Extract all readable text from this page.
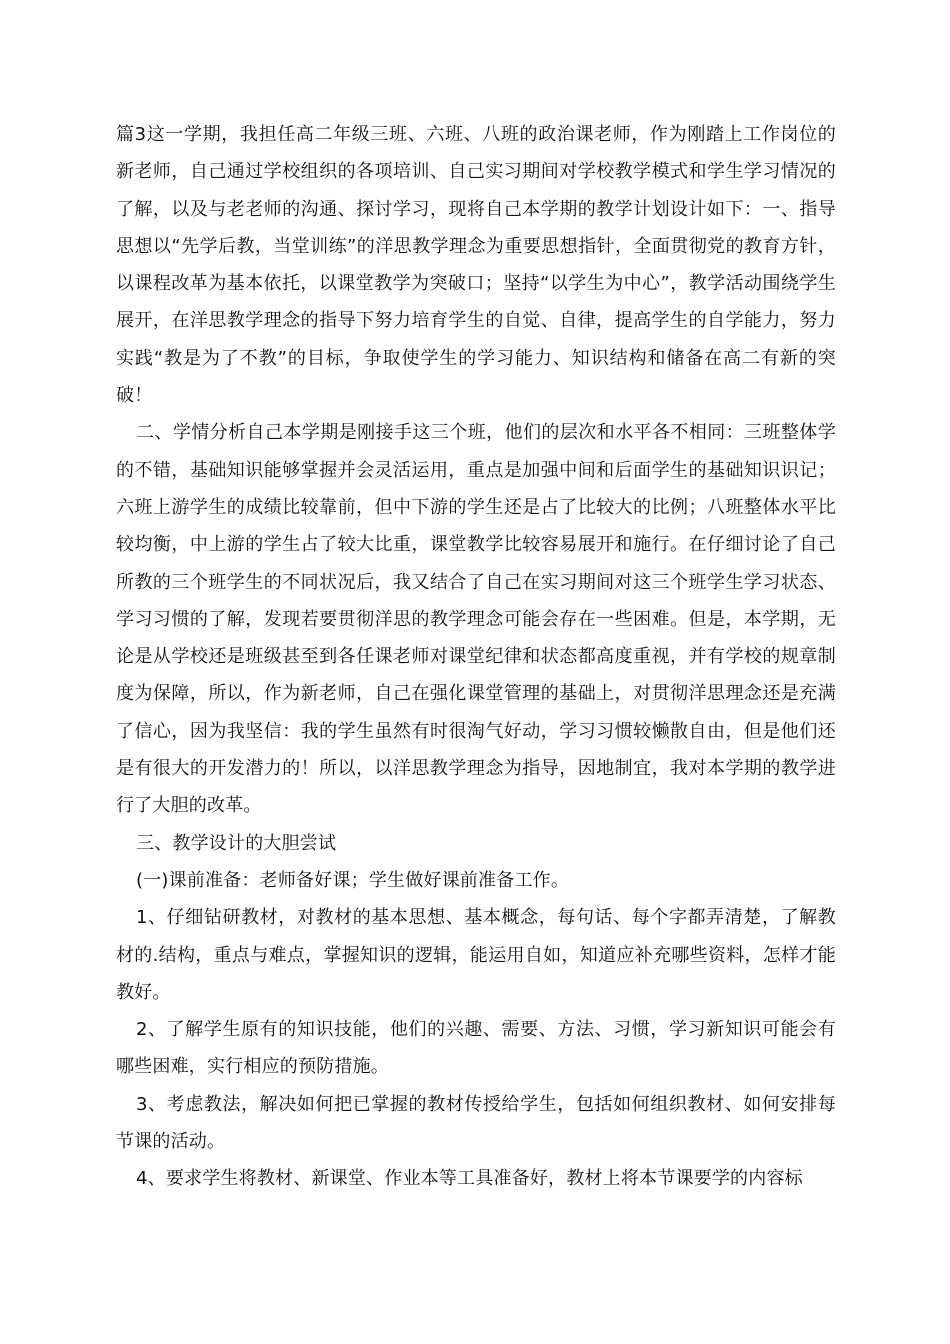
篇3这一学期，我担任高二年级三班、六班、八班的政治课老师，作为刚踏上工作岗位的新老师，自己通过学校组织的各项培训、自己实习期间对学校教学模式和学生学习情况的了解，以及与老老师的沟通、探讨学习，现将自己本学期的教学计划设计如下：一、指导思想以“先学后教，当堂训练”的洋思教学理念为重要思想指针，全面贯彻党的教育方针，以课程改革为基本依托，以课堂教学为突破口；坚持“以学生为中心”，教学活动围绕学生展开，在洋思教学理念的指导下努力培育学生的自觉、自律，提高学生的自学能力，努力实践“教是为了不教”的目标，争取使学生的学习能力、知识结构和储备在高二有新的突破！

二、学情分析自己本学期是刚接手这三个班，他们的层次和水平各不相同：三班整体学的不错，基础知识能够掌握并会灵活运用，重点是加强中间和后面学生的基础知识识记；六班上游学生的成绩比较靠前，但中下游的学生还是占了比较大的比例；八班整体水平比较均衡，中上游的学生占了较大比重，课堂教学比较容易展开和施行。在仔细讨论了自己所教的三个班学生的不同状况后，我又结合了自己在实习期间对这三个班学生学习状态、学习习惯的了解，发现若要贯彻洋思的教学理念可能会存在一些困难。但是，本学期，无论是从学校还是班级甚至到各任课老师对课堂纪律和状态都高度重视，并有学校的规章制度为保障，所以，作为新老师，自己在强化课堂管理的基础上，对贯彻洋思理念还是充满了信心，因为我坚信：我的学生虽然有时很淘气好动，学习习惯较懒散自由，但是他们还是有很大的开发潜力的！所以，以洋思教学理念为指导，因地制宜，我对本学期的教学进行了大胆的改革。

三、教学设计的大胆尝试

(一)课前准备：老师备好课；学生做好课前准备工作。

1、仔细钻研教材，对教材的基本思想、基本概念，每句话、每个字都弄清楚，了解教材的.结构，重点与难点，掌握知识的逻辑，能运用自如，知道应补充哪些资料，怎样才能教好。

2、了解学生原有的知识技能，他们的兴趣、需要、方法、习惯，学习新知识可能会有哪些困难，实行相应的预防措施。

3、考虑教法，解决如何把已掌握的教材传授给学生，包括如何组织教材、如何安排每节课的活动。

4、要求学生将教材、新课堂、作业本等工具准备好，教材上将本节课要学的内容标
